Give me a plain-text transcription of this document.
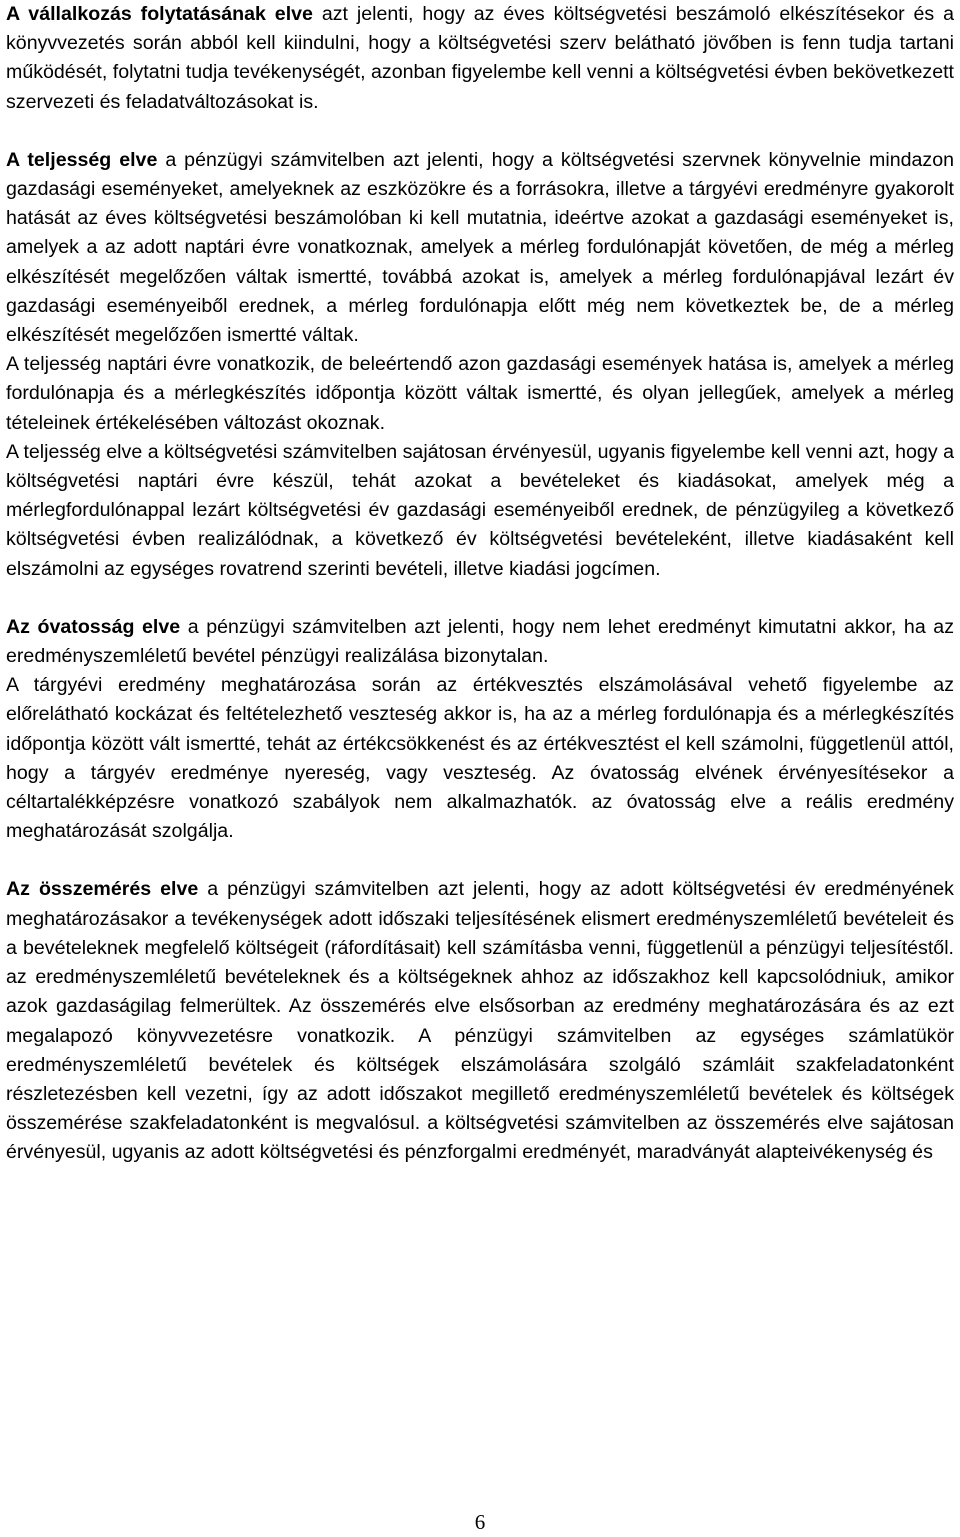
A vállalkozás folytatásának elve azt jelenti, hogy az éves költségvetési beszámoló elkészítésekor és a könyvvezetés során abból kell kiindulni, hogy a költségvetési szerv belátható jövőben is fenn tudja tartani működését, folytatni tudja tevékenységét, azonban figyelembe kell venni a költségvetési évben bekövetkezett szervezeti és feladatváltozásokat is.

A teljesség elve a pénzügyi számvitelben azt jelenti, hogy a költségvetési szervnek könyvelnie mindazon gazdasági eseményeket, amelyeknek az eszközökre és a forrásokra, illetve a tárgyévi eredményre gyakorolt hatását az éves költségvetési beszámolóban ki kell mutatnia, ideértve azokat a gazdasági eseményeket is, amelyek a az adott naptári évre vonatkoznak, amelyek a mérleg fordulónapját követően, de még a mérleg elkészítését megelőzően váltak ismertté, továbbá azokat is, amelyek a mérleg fordulónapjával lezárt év gazdasági eseményeiből erednek, a mérleg fordulónapja előtt még nem következtek be, de a mérleg elkészítését megelőzően ismertté váltak.

A teljesség naptári évre vonatkozik, de beleértendő azon gazdasági események hatása is, amelyek a mérleg fordulónapja és a mérlegkészítés időpontja között váltak ismertté, és olyan jellegűek, amelyek a mérleg tételeinek értékelésében változást okoznak.

A teljesség elve a költségvetési számvitelben sajátosan érvényesül, ugyanis figyelembe kell venni azt, hogy a költségvetési naptári évre készül, tehát azokat a bevételeket és kiadásokat, amelyek még a mérlegfordulónappal lezárt költségvetési év gazdasági eseményeiből erednek, de pénzügyileg a következő költségvetési évben realizálódnak, a következő év költségvetési bevételeként, illetve kiadásaként kell elszámolni az egységes rovatrend szerinti bevételi, illetve kiadási jogcímen.

Az óvatosság elve a pénzügyi számvitelben azt jelenti, hogy nem lehet eredményt kimutatni akkor, ha az eredményszemléletű bevétel pénzügyi realizálása bizonytalan.

A tárgyévi eredmény meghatározása során az értékvesztés elszámolásával vehető figyelembe az előrelátható kockázat és feltételezhető veszteség akkor is, ha az a mérleg fordulónapja és a mérlegkészítés időpontja között vált ismertté, tehát az értékcsökkenést és az értékvesztést el kell számolni, függetlenül attól, hogy a tárgyév eredménye nyereség, vagy veszteség. Az óvatosság elvének érvényesítésekor a céltartalékképzésre vonatkozó szabályok nem alkalmazhatók. az óvatosság elve a reális eredmény meghatározását szolgálja.

Az összemérés elve a pénzügyi számvitelben azt jelenti, hogy az adott költségvetési év eredményének meghatározásakor a tevékenységek adott időszaki teljesítésének elismert eredményszemléletű bevételeit és a bevételeknek megfelelő költségeit (ráfordításait) kell számításba venni, függetlenül a pénzügyi teljesítéstől. az eredményszemléletű bevételeknek és a költségeknek ahhoz az időszakhoz kell kapcsolódniuk, amikor azok gazdaságilag felmerültek. Az összemérés elve elsősorban az eredmény meghatározására és az ezt megalapozó könyvvezetésre vonatkozik. A pénzügyi számvitelben az egységes számlatükör eredményszemléletű bevételek és költségek elszámolására szolgáló számláit szakfeladatonként részletezésben kell vezetni, így az adott időszakot megillető eredményszemléletű bevételek és költségek összemérése szakfeladatonként is megvalósul. a költségvetési számvitelben az összemérés elve sajátosan érvényesül, ugyanis az adott költségvetési és pénzforgalmi eredményét, maradványát alapteivékenység és

6
